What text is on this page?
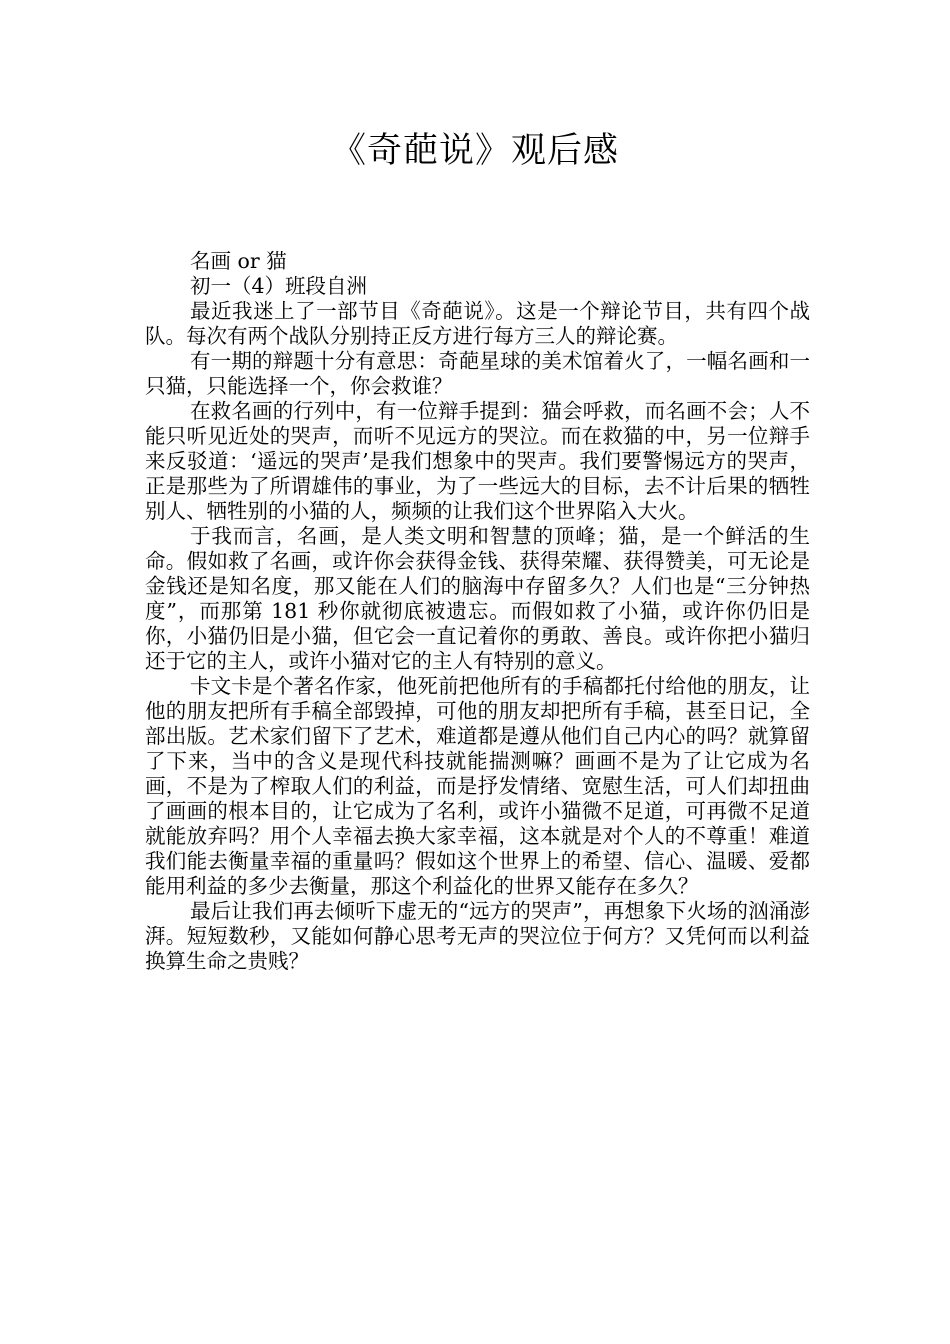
《奇葩说》观后感

名画 or 猫

初一（4）班段自洲

最近我迷上了一部节目《奇葩说》。这是一个辩论节目，共有四个战队。每次有两个战队分别持正反方进行每方三人的辩论赛。

有一期的辩题十分有意思：奇葩星球的美术馆着火了，一幅名画和一只猫，只能选择一个，你会救谁？

在救名画的行列中，有一位辩手提到：猫会呼救，而名画不会；人不能只听见近处的哭声，而听不见远方的哭泣。而在救猫的中，另一位辩手来反驳道：‘遥远的哭声’是我们想象中的哭声。我们要警惕远方的哭声，正是那些为了所谓雄伟的事业，为了一些远大的目标，去不计后果的牺牲别人、牺牲别的小猫的人，频频的让我们这个世界陷入大火。

于我而言，名画，是人类文明和智慧的顶峰；猫，是一个鲜活的生命。假如救了名画，或许你会获得金钱、获得荣耀、获得赞美，可无论是金钱还是知名度，那又能在人们的脑海中存留多久？人们也是“三分钟热度”，而那第 181 秒你就彻底被遗忘。而假如救了小猫，或许你仍旧是你，小猫仍旧是小猫，但它会一直记着你的勇敢、善良。或许你把小猫归还于它的主人，或许小猫对它的主人有特别的意义。

卡文卡是个著名作家，他死前把他所有的手稿都托付给他的朋友，让他的朋友把所有手稿全部毁掉，可他的朋友却把所有手稿，甚至日记，全部出版。艺术家们留下了艺术，难道都是遵从他们自己内心的吗？就算留了下来，当中的含义是现代科技就能揣测嘛？画画不是为了让它成为名画，不是为了榨取人们的利益，而是抒发情绪、宽慰生活，可人们却扭曲了画画的根本目的，让它成为了名利，或许小猫微不足道，可再微不足道就能放弃吗？用个人幸福去换大家幸福，这本就是对个人的不尊重！难道我们能去衡量幸福的重量吗？假如这个世界上的希望、信心、温暖、爱都能用利益的多少去衡量，那这个利益化的世界又能存在多久？

最后让我们再去倾听下虚无的“远方的哭声”，再想象下火场的汹涌澎湃。短短数秒，又能如何静心思考无声的哭泣位于何方？又凭何而以利益换算生命之贵贱？
